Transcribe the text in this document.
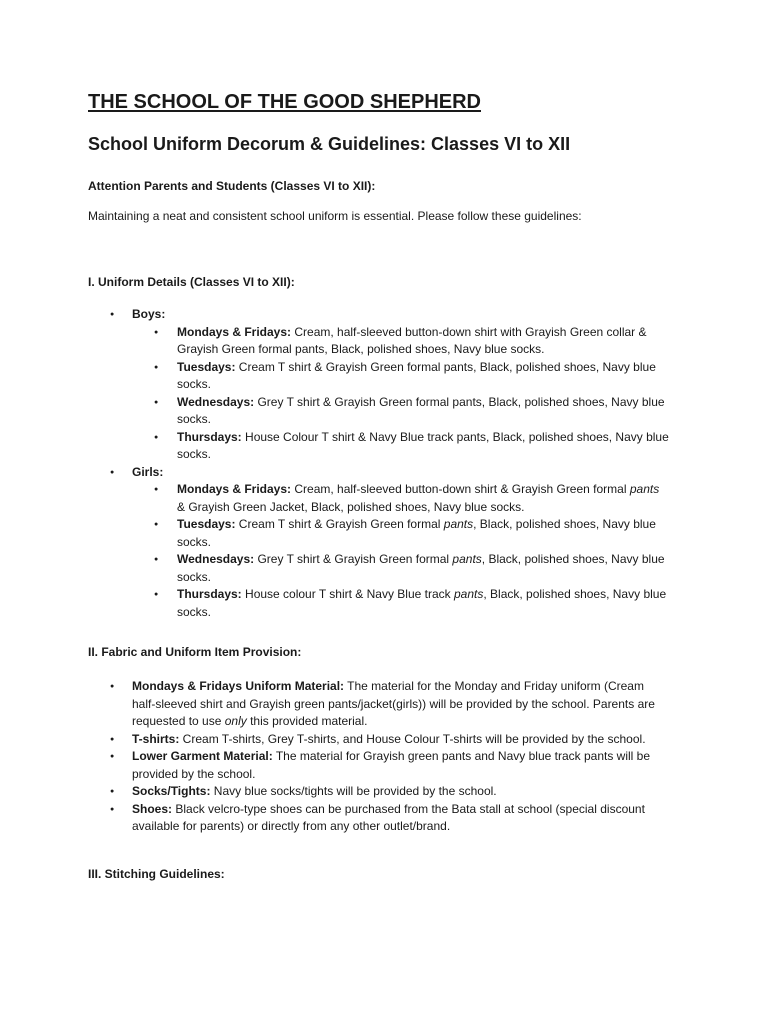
THE SCHOOL OF THE GOOD SHEPHERD
School Uniform Decorum & Guidelines: Classes VI to XII

Attention Parents and Students (Classes VI to XII):

Maintaining a neat and consistent school uniform is essential. Please follow these guidelines:

I. Uniform Details (Classes VI to XII):

● Boys:
● Mondays & Fridays: Cream, half-sleeved button-down shirt with Grayish Green collar & Grayish Green formal pants, Black, polished shoes, Navy blue socks.
● Tuesdays: Cream T shirt & Grayish Green formal pants, Black, polished shoes, Navy blue socks.
● Wednesdays: Grey T shirt & Grayish Green formal pants, Black, polished shoes, Navy blue socks.
● Thursdays: House Colour T shirt & Navy Blue track pants, Black, polished shoes, Navy blue socks.
● Girls:
● Mondays & Fridays: Cream, half-sleeved button-down shirt & Grayish Green formal pants & Grayish Green Jacket, Black, polished shoes, Navy blue socks.
● Tuesdays: Cream T shirt & Grayish Green formal pants, Black, polished shoes, Navy blue socks.
● Wednesdays: Grey T shirt & Grayish Green formal pants, Black, polished shoes, Navy blue socks.
● Thursdays: House colour T shirt & Navy Blue track pants, Black, polished shoes, Navy blue socks.

II. Fabric and Uniform Item Provision:

● Mondays & Fridays Uniform Material: The material for the Monday and Friday uniform (Cream half-sleeved shirt and Grayish green pants/jacket(girls)) will be provided by the school. Parents are requested to use only this provided material.
● T-shirts: Cream T-shirts, Grey T-shirts, and House Colour T-shirts will be provided by the school.
● Lower Garment Material: The material for Grayish green pants and Navy blue track pants will be provided by the school.
● Socks/Tights: Navy blue socks/tights will be provided by the school.
● Shoes: Black velcro-type shoes can be purchased from the Bata stall at school (special discount available for parents) or directly from any other outlet/brand.

III. Stitching Guidelines:
